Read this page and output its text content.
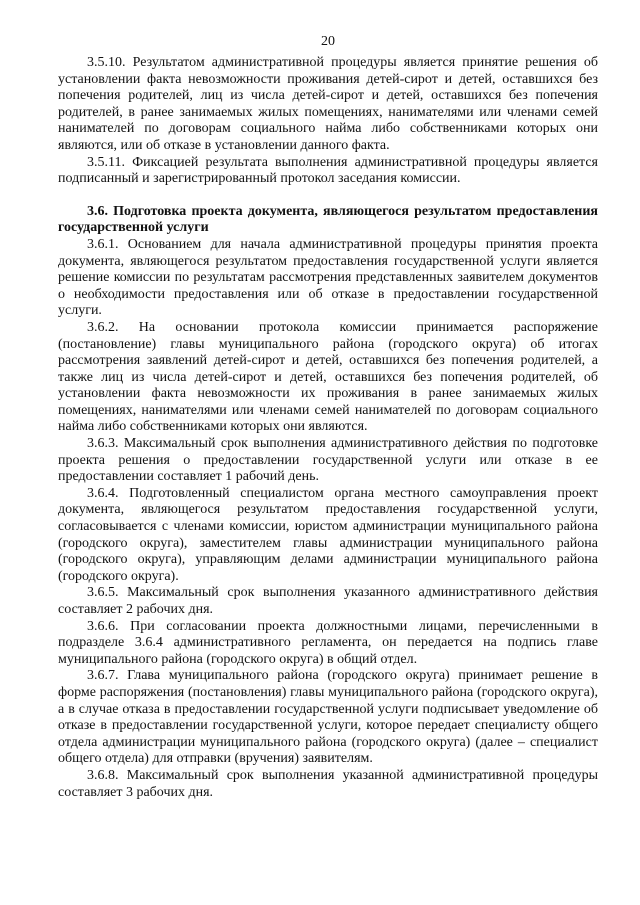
20

3.5.10. Результатом административной процедуры является принятие решения об установлении факта невозможности проживания детей-сирот и детей, оставшихся без попечения родителей, лиц из числа детей-сирот и детей, оставшихся без попечения родителей, в ранее занимаемых жилых помещениях, нанимателями или членами семей нанимателей по договорам социального найма либо собственниками которых они являются, или об отказе в установлении данного факта.

3.5.11. Фиксацией результата выполнения административной процедуры является подписанный и зарегистрированный протокол заседания комиссии.

3.6. Подготовка проекта документа, являющегося результатом предоставления государственной услуги

3.6.1. Основанием для начала административной процедуры принятия проекта документа, являющегося результатом предоставления государственной услуги является решение комиссии по результатам рассмотрения представленных заявителем документов о необходимости предоставления или об отказе в предоставлении государственной услуги.

3.6.2. На основании протокола комиссии принимается распоряжение (постановление) главы муниципального района (городского округа) об итогах рассмотрения заявлений детей-сирот и детей, оставшихся без попечения родителей, а также лиц из числа детей-сирот и детей, оставшихся без попечения родителей, об установлении факта невозможности их проживания в ранее занимаемых жилых помещениях, нанимателями или членами семей нанимателей по договорам социального найма либо собственниками которых они являются.

3.6.3. Максимальный срок выполнения административного действия по подготовке проекта решения о предоставлении государственной услуги или отказе в ее предоставлении составляет 1 рабочий день.

3.6.4. Подготовленный специалистом органа местного самоуправления проект документа, являющегося результатом предоставления государственной услуги, согласовывается с членами комиссии, юристом администрации муниципального района (городского округа), заместителем главы администрации муниципального района (городского округа), управляющим делами администрации муниципального района (городского округа).

3.6.5. Максимальный срок выполнения указанного административного действия составляет 2 рабочих дня.

3.6.6. При согласовании проекта должностными лицами, перечисленными в подразделе 3.6.4 административного регламента, он передается на подпись главе муниципального района (городского округа) в общий отдел.

3.6.7. Глава муниципального района (городского округа) принимает решение в форме распоряжения (постановления) главы муниципального района (городского округа), а в случае отказа в предоставлении государственной услуги подписывает уведомление об отказе в предоставлении государственной услуги, которое передает специалисту общего отдела администрации муниципального района (городского округа) (далее – специалист общего отдела) для отправки (вручения) заявителям.

3.6.8. Максимальный срок выполнения указанной административной процедуры составляет 3 рабочих дня.
